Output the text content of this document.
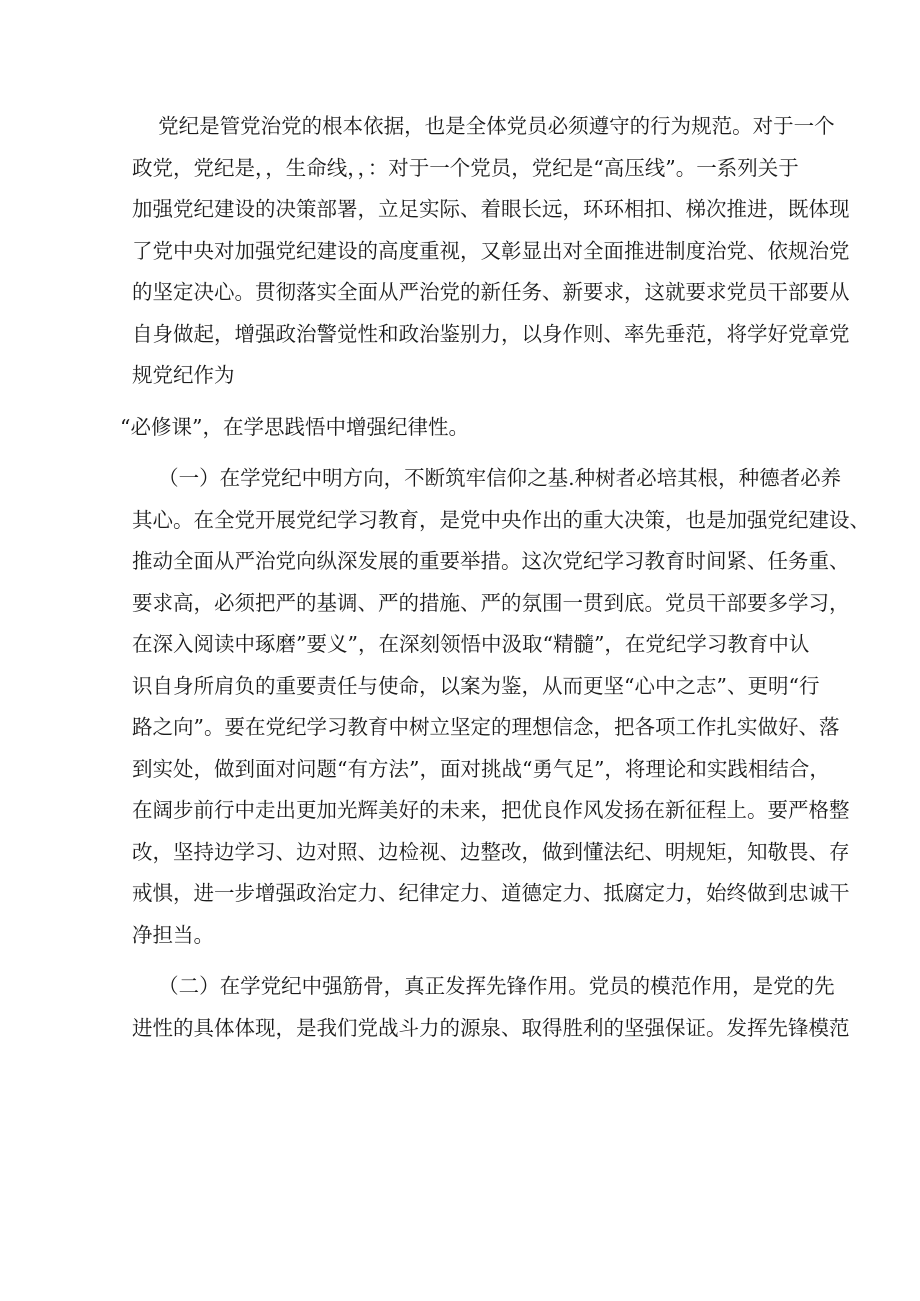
党纪是管党治党的根本依据，也是全体党员必须遵守的行为规范。对于一个
政党，党纪是，，生命线，，：对于一个党员，党纪是“高压线”。一系列关于
加强党纪建设的决策部署，立足实际、着眼长远，环环相扣、梯次推进，既体现
了党中央对加强党纪建设的高度重视，又彰显出对全面推进制度治党、依规治党
的坚定决心。贯彻落实全面从严治党的新任务、新要求，这就要求党员干部要从
自身做起，增强政治警觉性和政治鉴别力，以身作则、率先垂范，将学好党章党
规党纪作为
“必修课”，在学思践悟中增强纪律性。
（一）在学党纪中明方向，不断筑牢信仰之基.种树者必培其根，种德者必养
其心。在全党开展党纪学习教育，是党中央作出的重大决策，也是加强党纪建设、
推动全面从严治党向纵深发展的重要举措。这次党纪学习教育时间紧、任务重、
要求高，必须把严的基调、严的措施、严的氛围一贯到底。党员干部要多学习，
在深入阅读中琢磨”要义”，在深刻领悟中汲取“精髓”，在党纪学习教育中认
识自身所肩负的重要责任与使命，以案为鉴，从而更坚“心中之志”、更明“行
路之向”。要在党纪学习教育中树立坚定的理想信念，把各项工作扎实做好、落
到实处，做到面对问题“有方法”，面对挑战“勇气足”，将理论和实践相结合，
在阔步前行中走出更加光辉美好的未来，把优良作风发扬在新征程上。要严格整
改，坚持边学习、边对照、边检视、边整改，做到懂法纪、明规矩，知敬畏、存
戒惧，进一步增强政治定力、纪律定力、道德定力、抵腐定力，始终做到忠诚干
净担当。
（二）在学党纪中强筋骨，真正发挥先锋作用。党员的模范作用，是党的先
进性的具体体现，是我们党战斗力的源泉、取得胜利的坚强保证。发挥先锋模范
